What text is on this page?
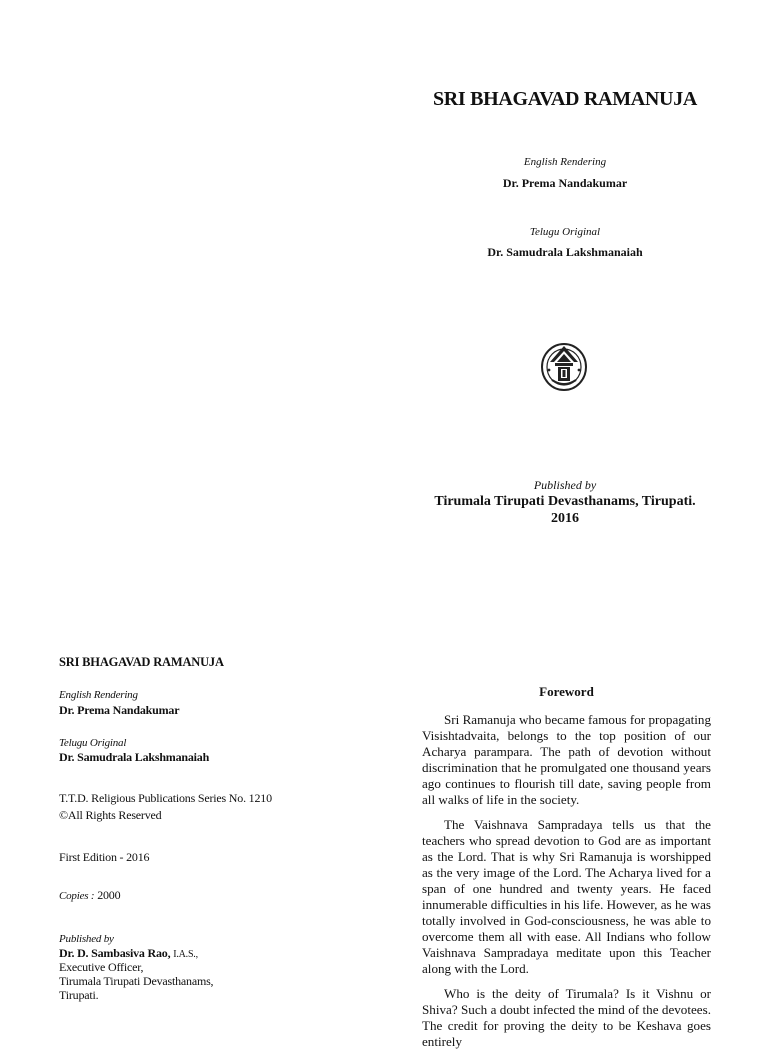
SRI BHAGAVAD RAMANUJA
English Rendering
Dr. Prema Nandakumar
Telugu Original
Dr. Samudrala Lakshmanaiah
Published by
Tirumala Tirupati Devasthanams, Tirupati.
2016
SRI BHAGAVAD RAMANUJA
English Rendering
Dr. Prema Nandakumar
Telugu Original
Dr. Samudrala Lakshmanaiah
T.T.D. Religious Publications Series No. 1210
©All Rights Reserved
First Edition - 2016
Copies : 2000
Published by
Dr. D. Sambasiva Rao, I.A.S.,
Executive Officer,
Tirumala Tirupati Devasthanams,
Tirupati.
Foreword

Sri Ramanuja who became famous for propagating Visishtadvaita, belongs to the top position of our Acharya parampara. The path of devotion without discrimination that he promulgated one thousand years ago continues to flourish till date, saving people from all walks of life in the society.

The Vaishnava Sampradaya tells us that the teachers who spread devotion to God are as important as the Lord. That is why Sri Ramanuja is worshipped as the very image of the Lord. The Acharya lived for a span of one hundred and twenty years. He faced innumerable difficulties in his life. However, as he was totally involved in God-consciousness, he was able to overcome them all with ease. All Indians who follow Vaishnava Sampradaya meditate upon this Teacher along with the Lord.

Who is the deity of Tirumala? Is it Vishnu or Shiva? Such a doubt infected the mind of the devotees. The credit for proving the deity to be Keshava goes entirely
